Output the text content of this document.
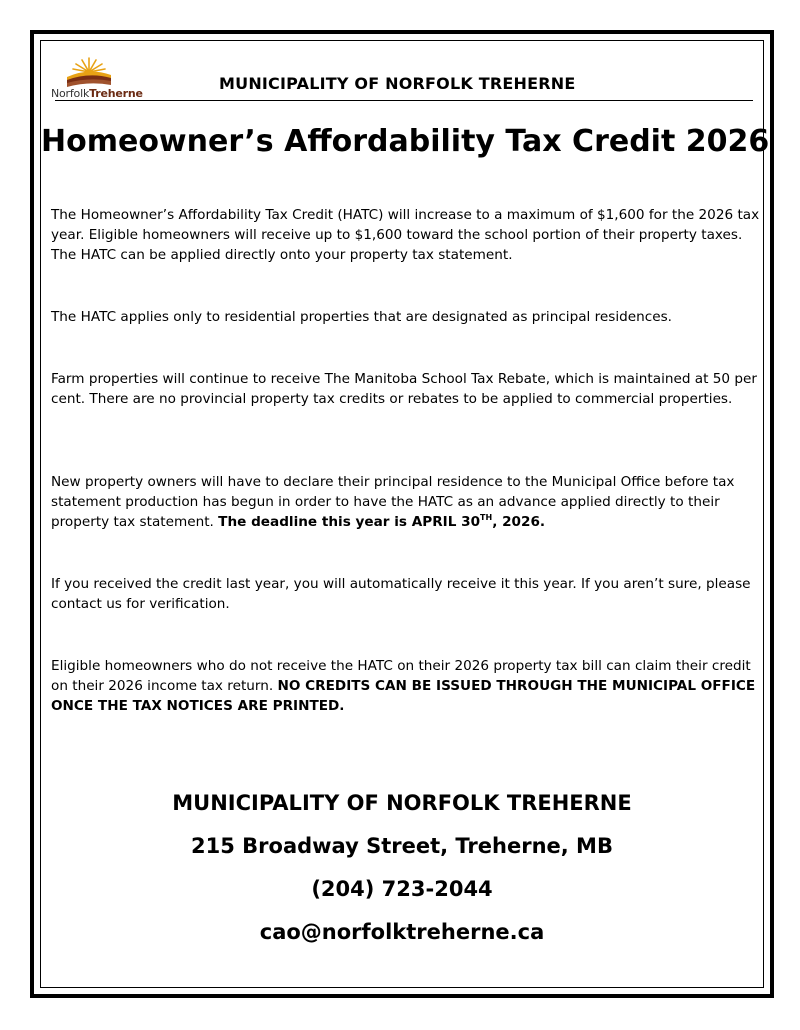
NorfolkTreherne
MUNICIPALITY OF NORFOLK TREHERNE
Homeowner’s Affordability Tax Credit 2026
The Homeowner’s Affordability Tax Credit (HATC) will increase to a maximum of $1,600 for the 2026 tax year. Eligible homeowners will receive up to $1,600 toward the school portion of their property taxes. The HATC can be applied directly onto your property tax statement.
The HATC applies only to residential properties that are designated as principal residences.
Farm properties will continue to receive The Manitoba School Tax Rebate, which is maintained at 50 per cent. There are no provincial property tax credits or rebates to be applied to commercial properties.
New property owners will have to declare their principal residence to the Municipal Office before tax statement production has begun in order to have the HATC as an advance applied directly to their property tax statement. The deadline this year is APRIL 30TH, 2026.
If you received the credit last year, you will automatically receive it this year. If you aren’t sure, please contact us for verification.
Eligible homeowners who do not receive the HATC on their 2026 property tax bill can claim their credit on their 2026 income tax return. NO CREDITS CAN BE ISSUED THROUGH THE MUNICIPAL OFFICE ONCE THE TAX NOTICES ARE PRINTED.
MUNICIPALITY OF NORFOLK TREHERNE
215 Broadway Street, Treherne, MB
(204) 723-2044
cao@norfolktreherne.ca
